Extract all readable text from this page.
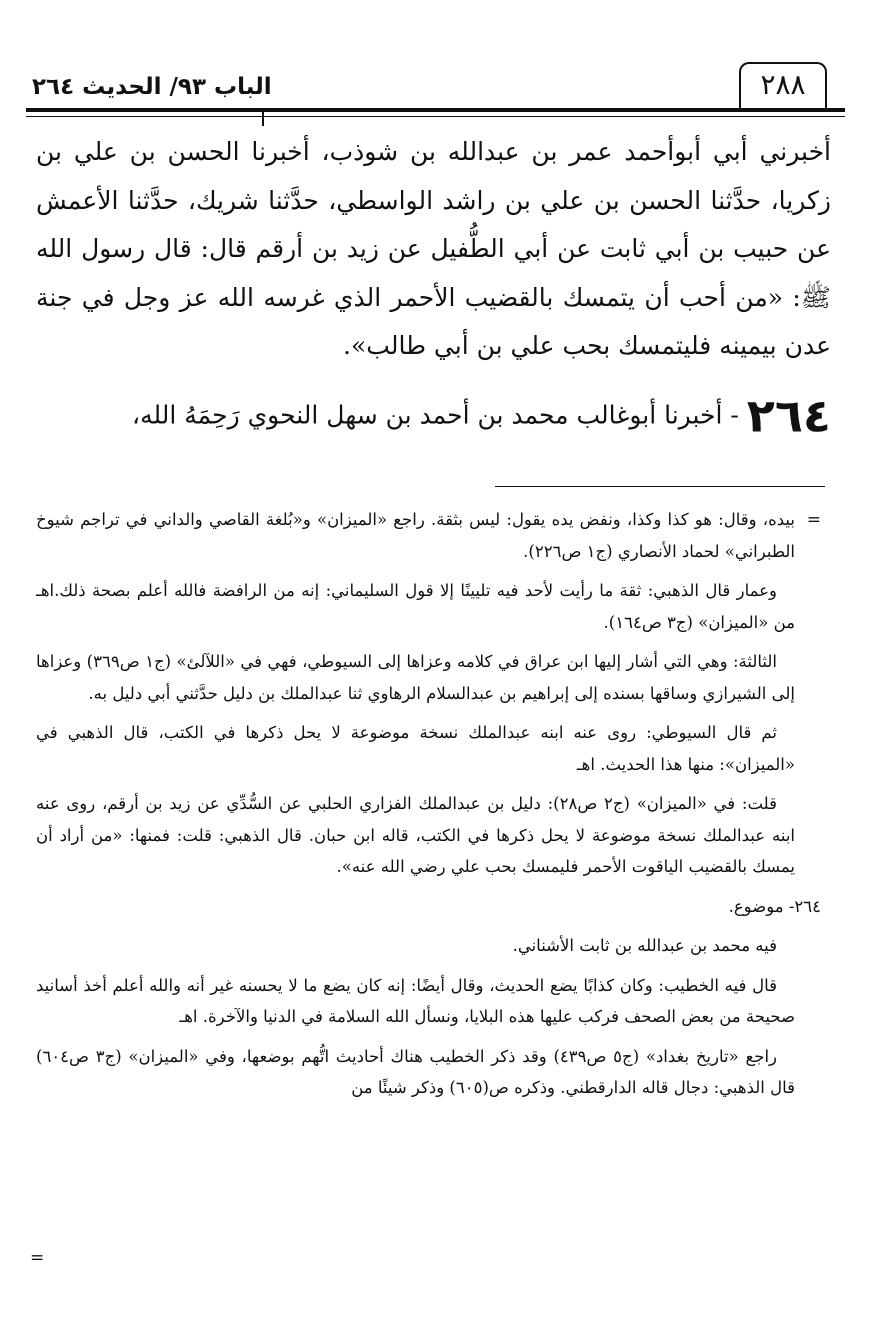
الباب ٩٣/ الحديث ٢٦٤	٢٨٨

أخبرني أبي أبوأحمد عمر بن عبدالله بن شوذب، أخبرنا الحسن بن علي بن زكريا، حدَّثنا الحسن بن علي بن راشد الواسطي، حدَّثنا شريك، حدَّثنا الأعمش عن حبيب بن أبي ثابت عن أبي الطُّفيل عن زيد بن أرقم قال: قال رسول الله ﷺ: «من أحب أن يتمسك بالقضيب الأحمر الذي غرسه الله عز وجل في جنة عدن بيمينه فليتمسك بحب علي بن أبي طالب».

٢٦٤ - أخبرنا أبوغالب محمد بن أحمد بن سهل النحوي رَحِمَهُ الله،
=

بيده، وقال: هو كذا وكذا، ونفض يده يقول: ليس بثقة. راجع «الميزان» و«بُلغة القاصي والداني في تراجم شيوخ الطبراني» لحماد الأنصاري (ج١ ص٢٢٦).

وعمار قال الذهبي: ثقة ما رأيت لأحد فيه تليينًا إلا قول السليماني: إنه من الرافضة فالله أعلم بصحة ذلك.اهـ من «الميزان» (ج٣ ص١٦٤).

الثالثة: وهي التي أشار إليها ابن عراق في كلامه وعزاها إلى السيوطي، فهي في «اللآلئ» (ج١ ص٣٦٩) وعزاها إلى الشيرازي وساقها بسنده إلى إبراهيم بن عبدالسلام الرهاوي ثنا عبدالملك بن دليل حدَّثني أبي دليل به.

ثم قال السيوطي: روى عنه ابنه عبدالملك نسخة موضوعة لا يحل ذكرها في الكتب، قال الذهبي في «الميزان»: منها هذا الحديث. اهـ

قلت: في «الميزان» (ج٢ ص٢٨): دليل بن عبدالملك الفزاري الحلبي عن السُّدِّي عن زيد بن أرقم، روى عنه ابنه عبدالملك نسخة موضوعة لا يحل ذكرها في الكتب، قاله ابن حبان. قال الذهبي: قلت: فمنها: «من أراد أن يمسك بالقضيب الياقوت الأحمر فليمسك بحب علي رضي الله عنه».

٢٦٤- موضوع.

فيه محمد بن عبدالله بن ثابت الأشناني.

قال فيه الخطيب: وكان كذابًا يضع الحديث، وقال أيضًا: إنه كان يضع ما لا يحسنه غير أنه والله أعلم أخذ أسانيد صحيحة من بعض الصحف فركب عليها هذه البلايا، ونسأل الله السلامة في الدنيا والآخرة. اهـ

راجع «تاريخ بغداد» (ج٥ ص٤٣٩) وقد ذكر الخطيب هناك أحاديث اتُّهم بوضعها، وفي «الميزان» (ج٣ ص٦٠٤) قال الذهبي: دجال قاله الدارقطني. وذكره ص(٦٠٥) وذكر شيئًا من

=
